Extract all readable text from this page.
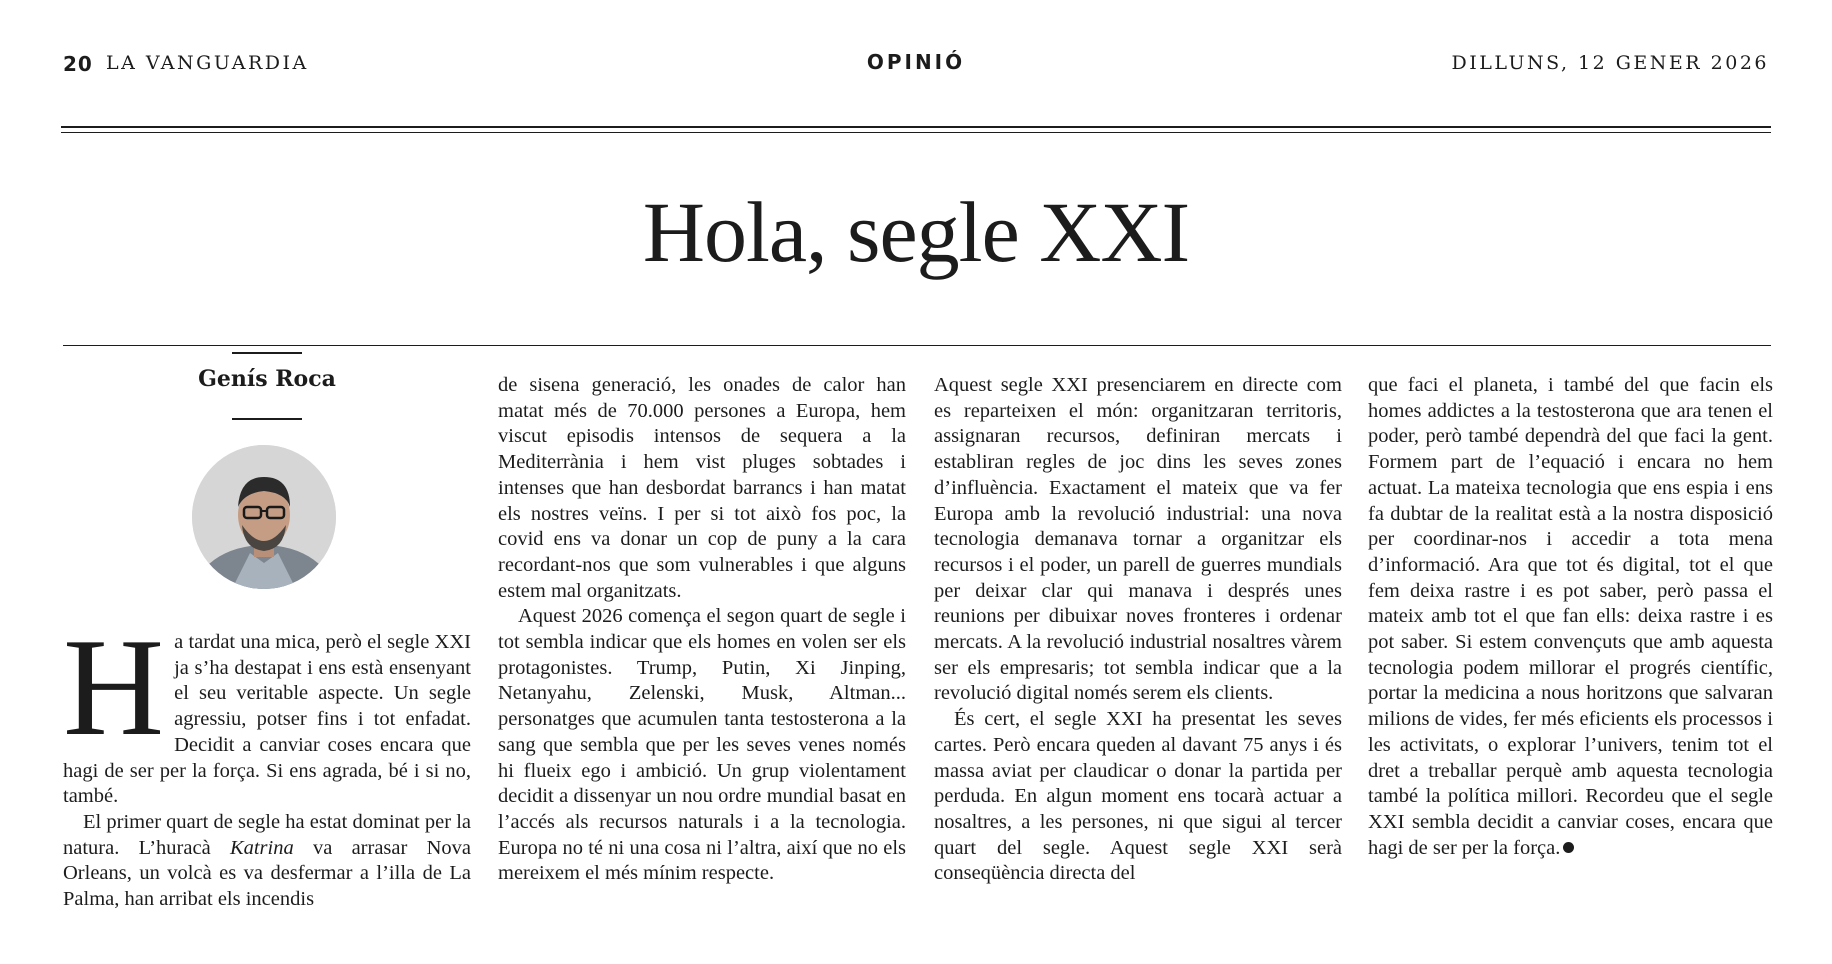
20 LA VANGUARDIA	OPINIÓ	DILLUNS, 12 GENER 2026
Hola, segle XXI
Genís Roca

Ha tardat una mica, però el segle XXI ja s’ha destapat i ens està ensenyant el seu veritable aspecte. Un segle agressiu, potser fins i tot enfadat. Decidit a canviar coses encara que hagi de ser per la força. Si ens agrada, bé i si no, també.

El primer quart de segle ha estat dominat per la natura. L’huracà Katrina va arrasar Nova Orleans, un volcà es va desfermar a l’illa de La Palma, han arribat els incendis

de sisena generació, les onades de calor han matat més de 70.000 persones a Europa, hem viscut episodis intensos de sequera a la Mediterrània i hem vist pluges sobtades i intenses que han desbordat barrancs i han matat els nostres veïns. I per si tot això fos poc, la covid ens va donar un cop de puny a la cara recordant-nos que som vulnerables i que alguns estem mal organitzats.

Aquest 2026 comença el segon quart de segle i tot sembla indicar que els homes en volen ser els protagonistes. Trump, Putin, Xi Jinping, Netanyahu, Zelenski, Musk, Altman... personatges que acumulen tanta testosterona a la sang que sembla que per les seves venes només hi flueix ego i ambició. Un grup violentament decidit a dissenyar un nou ordre mundial basat en l’accés als recursos naturals i a la tecnologia. Europa no té ni una cosa ni l’altra, així que no els mereixem el més mínim respecte.

Aquest segle XXI presenciarem en directe com es reparteixen el món: organitzaran territoris, assignaran recursos, definiran mercats i establiran regles de joc dins les seves zones d’influència. Exactament el mateix que va fer Europa amb la revolució industrial: una nova tecnologia demanava tornar a organitzar els recursos i el poder, un parell de guerres mundials per deixar clar qui manava i després unes reunions per dibuixar noves fronteres i ordenar mercats. A la revolució industrial nosaltres vàrem ser els empresaris; tot sembla indicar que a la revolució digital només serem els clients.

És cert, el segle XXI ha presentat les seves cartes. Però encara queden al davant 75 anys i és massa aviat per claudicar o donar la partida per perduda. En algun moment ens tocarà actuar a nosaltres, a les persones, ni que sigui al tercer quart del segle. Aquest segle XXI serà conseqüència directa del

que faci el planeta, i també del que facin els homes addictes a la testosterona que ara tenen el poder, però també dependrà del que faci la gent. Formem part de l’equació i encara no hem actuat. La mateixa tecnologia que ens espia i ens fa dubtar de la realitat està a la nostra disposició per coordinar-nos i accedir a tota mena d’informació. Ara que tot és digital, tot el que fem deixa rastre i es pot saber, però passa el mateix amb tot el que fan ells: deixa rastre i es pot saber. Si estem convençuts que amb aquesta tecnologia podem millorar el progrés científic, portar la medicina a nous horitzons que salvaran milions de vides, fer més eficients els processos i les activitats, o explorar l’univers, tenim tot el dret a treballar perquè amb aquesta tecnologia també la política millori. Recordeu que el segle XXI sembla decidit a canviar coses, encara que hagi de ser per la força.
